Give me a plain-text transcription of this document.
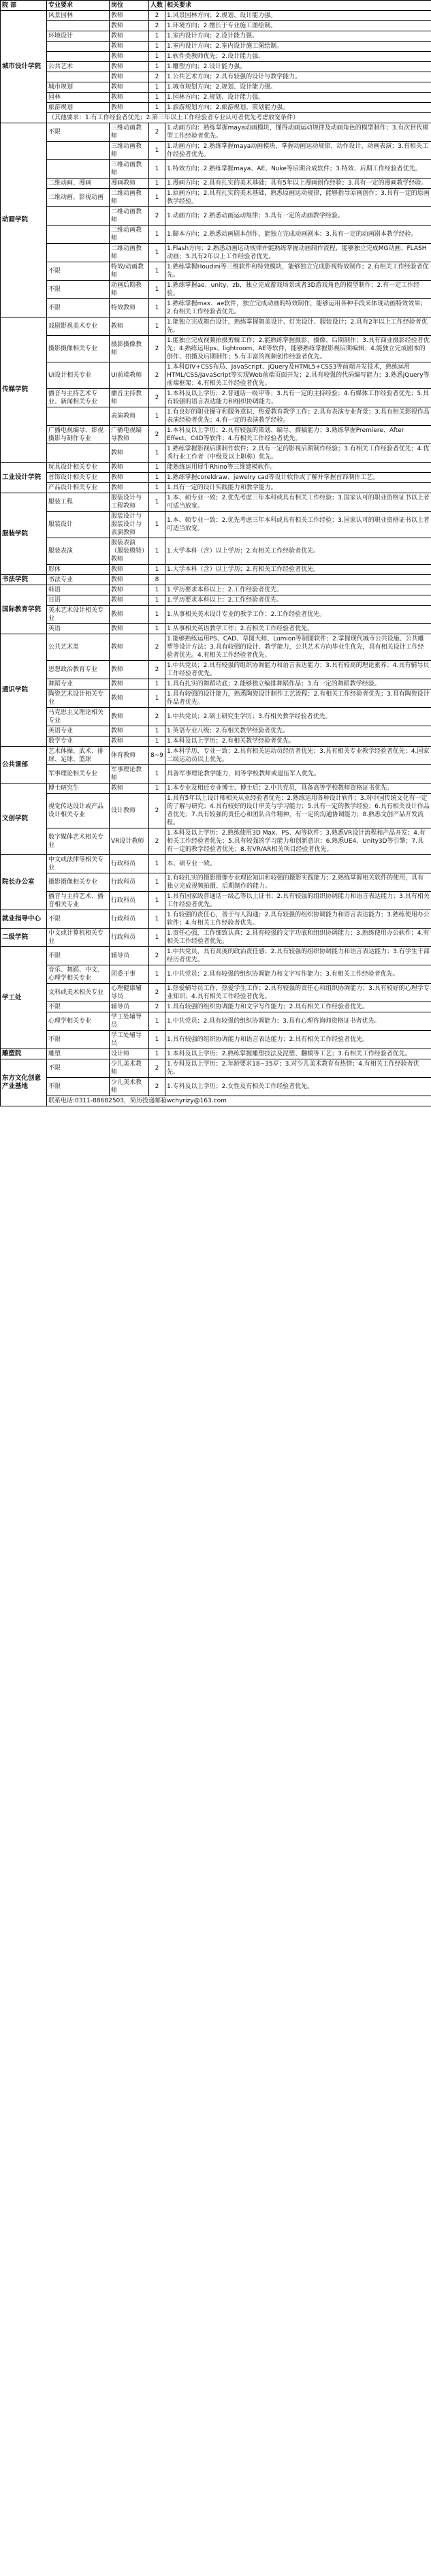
院 部	专业要求	岗位	人数	相关要求
城市设计学院	风景园林	教师	2	1.风景园林方向；2.规划、设计能力强。
		教师	2	1.环境方向；2.擅长于专业施工图绘制。
	环境设计	教师	1	1.室内设计方向；2.设计能力强。
		教师	1	1.室内设计方向；2.室内设计施工图绘制。
		教师	1	1.软件类教师优先；2.设计能力强。
	公共艺术	教师	1	1.雕塑方向；2.设计能力强。
		教师	2	1.公共艺术方向；2.具有较强的设计与教学能力。
	城市规划	教师	1	1.城市规划方向；2.规划、设计能力强。
	园林	教师	1	1.园林方向；2.规划、设计能力强。
	旅游规划	教师	1	1.旅游规划方向；2.旅游规划、策划能力强。
	（其他要求：1.有工作经验者优先；2.第三年以上工作经验者专业认可者优先考虑放宽条件）			
动画学院	不限	三维动画教师	2	1.动画方向：熟练掌握maya动画模块，懂得动画运动规律及动画角色的模型制作；3.有次世代模型工作经验者优先。
		三维动画教师	1	1.动画方向；2.熟练掌握maya动画模块，掌握动画运动规律、动作设计、动画表演；3.有相关工作经验者优先。
		三维动画教师	1	1.特效方向；2.熟练掌握maya、AE、Nuke等后期合成软件；3.特效、后期工作经验者优先。
	二维动画、漫画	漫画教师	1	1.漫画方向；2.具有扎实的美术基础；具有5年以上漫画创作经验；3.具有一定的漫画教学经验。
	二维动画、影视动画	二维动画教师	1	1.原画方向；2.具有扎实的美术基础，熟悉原画运动规律，能够指导原画创作；3.具有一定的原画教学经验。
		二维动画教师	2	1.动画方向；2.熟悉动画运动规律；3.具有一定的动画教学经验。
		二维动画教师	1	1.脚本方向；2.熟悉动画剧本创作，能独立完成动画剧本；3.具有一定的动画剧本教学经验。
		二维动画教师	1	1.Flash方向；2.熟悉动画运动规律并能熟练掌握动画制作流程，能够独立完成MG动画、FLASH动画；3.具有2年以上工作经验者优先。
	不限	特效/动画教师	1	1.熟练掌握Houdini等三维软件和特效模块，能够独立完成影视特效制作；2.有相关工作经验者优先。
	不限	动画后期教师	1	1.熟练掌握ae、unity、zb，独立完成游戏场景或者3D游戏角色的模型制作；2.有一定工作经验。
	不限	特效教师	1	1.熟练掌握max、ae软件，独立完成动画的特效制作，能够运用各种手段来体现动画特效效果；2.有相关工作经验者优先。
传媒学院	戏剧影视美术专业	教师	1	1.能独立完成舞台设计，熟练掌握舞美设计、灯光设计、服装设计；2.具有2年以上工作经验者优先。
	摄影摄像相关专业	摄影摄像教师	2	1.能独立完成视频拍摄剪辑工作；2.能熟练掌握摄影、摄像、后期制作；3.具有商业摄影经验者优先；4.熟练运用ps、lightroom、AE等软件，能够熟练掌握影视后期编辑；4.能独立完成剧本的创作、拍摄及后期制作；5.有丰富的视频创作经验者优先。
	UI设计相关专业	UI前端教师	2	1.本科DIV+CSS布局、JavaScript、jQuery及HTML5+CSS3等前端开发技术，熟练运用HTML/CSS/JavaScript等实现Web前端页面开发；2.具有较强的代码编写能力；3.熟悉jQuery等前端框架；4.有相关工作经验者优先。
	播音与主持艺术专业、新闻相关专业	播音主持教师	2	1.本科及以上学历；2.普通话一级甲等；3.具有一定的主持经验；4.有媒体工作经验者优先；5.具有较强的语言表达能力和组织协调能力。
		表演教师	1	1.有良好的职业操守和服务意识，热爱教育教学工作；2.具有表演专业背景；3.具有相关影视作品表演经验者优先；4.有一定的表演教学经验。
	广播电视编导、影视摄影与制作专业	广播电视编导教师	2	1.本科及以上学历；2.具有较强的策划、编导、撰稿能力；3.熟练掌握Premiere、After Effect、C4D等软件；4.有相关工作经验者优先。
		教师	1	1.熟练掌握影视后期制作软件；2.具有一定的影视后期制作经验；3.有相关工作经验者优先；4.优秀行业工作者（中级及以上职称）优先。
工业设计学院	玩具设计相关专业	教师	1	能熟练运用犀牛Rhino等三维建模软件。
	首饰设计相关专业	教师	1	1.熟练掌握coreldraw、jewelry cad等设计软件或了解并掌握首饰制作工艺。
	产品设计相关专业	教师	1	1.具有一定的设计实践能力和教学能力。
服装学院	服装工程	服装设计与工程教师	1	1.本、硕专业一致；2.优先考虑三年本科或具有相关工作经验；3.国家认可的职业资格证书以上者可适当放宽。
	服装设计	服装设计与服装设计与表演教师	1	1.本、硕专业一致；2.优先考虑三年本科或具有相关工作经验；3.国家认可的职业资格证书以上者可适当放宽。
	服装表演	服装表演（服装模特）教师	1	1.大学本科（含）以上学历；2.有相关工作经验者优先。
	形体	教师	1	1.大学本科（含）以上学历；2.有相关工作经验者优先。
书法学院	书法专业	教师	8	
国际教育学院	韩语	教师	1	1.学历要求本科以上；2.工作经验者优先。
	日语	教师	1	1.学历要求本科以上；2.工作经验者优先。
	美术艺术设计相关专业	教师	1	1.从事相关美术设计专业的教学工作；2.工作经验者优先。
	英语	教师	1	1.从事相关英语教学工作；2.有相关工作经验者优先。
通识学院	公共艺术类	教师	2	1.能够熟练运用PS、CAD、草图大师、Lumion等制图软件；2.掌握现代城市公共设施、公共雕塑等设计方法；3.具有较强的设计、教学能力，公共艺术方向毕业生优先，具有相关设计工作经验者优先。4.有相关工作经验者优先。
	思想政治教育专业	教师	2	1.中共党员；2.具有较强的组织协调能力和语言表达能力；3.具有较高的理论素养；4.具有辅导员工作经验者优先。
	舞蹈专业	教师	1	1.具有扎实的舞蹈功底；2.能够独立编排舞蹈作品；3.有一定的舞蹈教学经验。
	陶瓷艺术设计相关专业	教师	1	1.具有较强的设计能力，熟悉陶瓷设计制作工艺流程；2.有相关工作经验者优先；3.具有陶瓷设计作品者优先。
	马克思主义理论相关专业	教师	2	1.中共党员；2.硕士研究生学历；3.有相关教学经验者优先。
	英语专业	教师	1	1.英语专业八级；2.有相关教学经验者优先。
	数学专业	教师	1	1.本科及以上学历；2.有相关教学经验者优先。
公共课部	艺术体操、武术、排球、足球、篮球	体育教师	8~9	1.本科学历，专业一致；2.具有相关运动员经历者优先；3.具有相关专业教学经验者优先；4.国家二级运动员以上优先。
	军事理论相关专业	军事理论教师	1	具备军事理论教学能力，同等学校教师或退伍军人优先。
文创学院	博士研究生	教师	1	1.本专业及相近专业博士、博士后；2.中共党员，具备高等学校教师资格证书优先。
	视觉传达设计或产品设计相关专业	设计教师	2	1.具有5年以上设计师相关从业经验者优先；2.熟练运用各种设计软件；3.对中国传统文化有一定的了解与研究；4.具有较好的设计审美与学习能力；5.具有一定的教学经验；6.具有相关设计作品者优先；7.具有较强的责任心和团队合作精神，有一定的沟通协调能力；8.熟悉文创产品开发流程。
	数字媒体艺术相关专业	VR设计教师	2	1.本科及以上学历；2.熟练使用3D Max、PS、AI等软件；3.熟悉VR设计流程和产品开发；4.有相关工作经验者优先；5.具有较强的学习能力和创新意识；6.熟悉UE4、Unity3D等引擎；7.具有一定的教学经验者优先；8.有VR/AR相关项目经验者优先。
院长办公室	中文或法律等相关专业	行政科员	1	本、硕专业一致。
	摄影摄像相关专业	行政科员	1	1.有较扎实的摄影摄像专业理论知识和较强的摄影实践能力；2.熟练掌握相关软件的使用，具有独立完成视频拍摄、后期制作的能力。
	播音与主持艺术、播音相关专业	行政科员	1	1.具有国家级普通话一级乙等以上证书；2.具有较强的组织协调能力和语言表达能力；3.具有相关工作经验者优先。
就业指导中心	不限	行政科员	1	1.有较强的责任心，善于与人沟通；2.具有较强的组织协调能力和语言表达能力；3.熟练使用办公软件；4.有相关工作经验者优先。
二级学院	中文或计算机相关专业	行政科员	1	1.责任心强，工作细致认真；2.具有较强的文字功底和组织协调能力；3.熟练使用办公软件；4.有相关工作经验者优先。
学工处	不限	辅导员	2	1.中共党员，具有高度的政治责任感；2.具有较强的组织协调能力和语言表达能力；3.有学生干部经历者优先。
	音乐、舞蹈、中文、心理学相关专业	团委干事	1	1.中共党员；2.具有较强的组织协调能力和文字写作能力；3.有相关工作经验者优先。
	文科或美术相关专业	心理健康辅导员	2	1.热爱辅导员工作，热爱学生工作；2.具有较强的责任心和组织协调能力；3.具有较好的心理学专业知识；4.具有相关工作经验者优先。
	不限	辅导员	2	1.具有较强的组织协调能力和文字写作能力；2.具有相关工作经验者优先。
	心理学相关专业	学工处辅导员	1	1.中共党员；2.具有较强的组织协调能力；3.具有心理咨询师资格证书者优先。
	不限	学工处辅导员	1	1.具有较强的组织协调能力和语言表达能力；2.具有相关工作经验者优先。
雕塑院	雕塑	设计师	1	1.本科及以上学历；2.熟练掌握雕塑技法及泥塑、翻模等工艺；3.有相关工作经验者优先。
东方文化创意产业基地	不限	少儿美术教师	2	1.专科及以上学历；2.年龄要求18~35岁；3.对少儿美术教育有热情；4.有相关工作经验者优先。
	不限	少儿美术教师	2	1.专科及以上学历；2.女性及有相关工作经验者优先。
	联系电话:0311-88682503，简历投递邮箱wchyrizy@163.com			
